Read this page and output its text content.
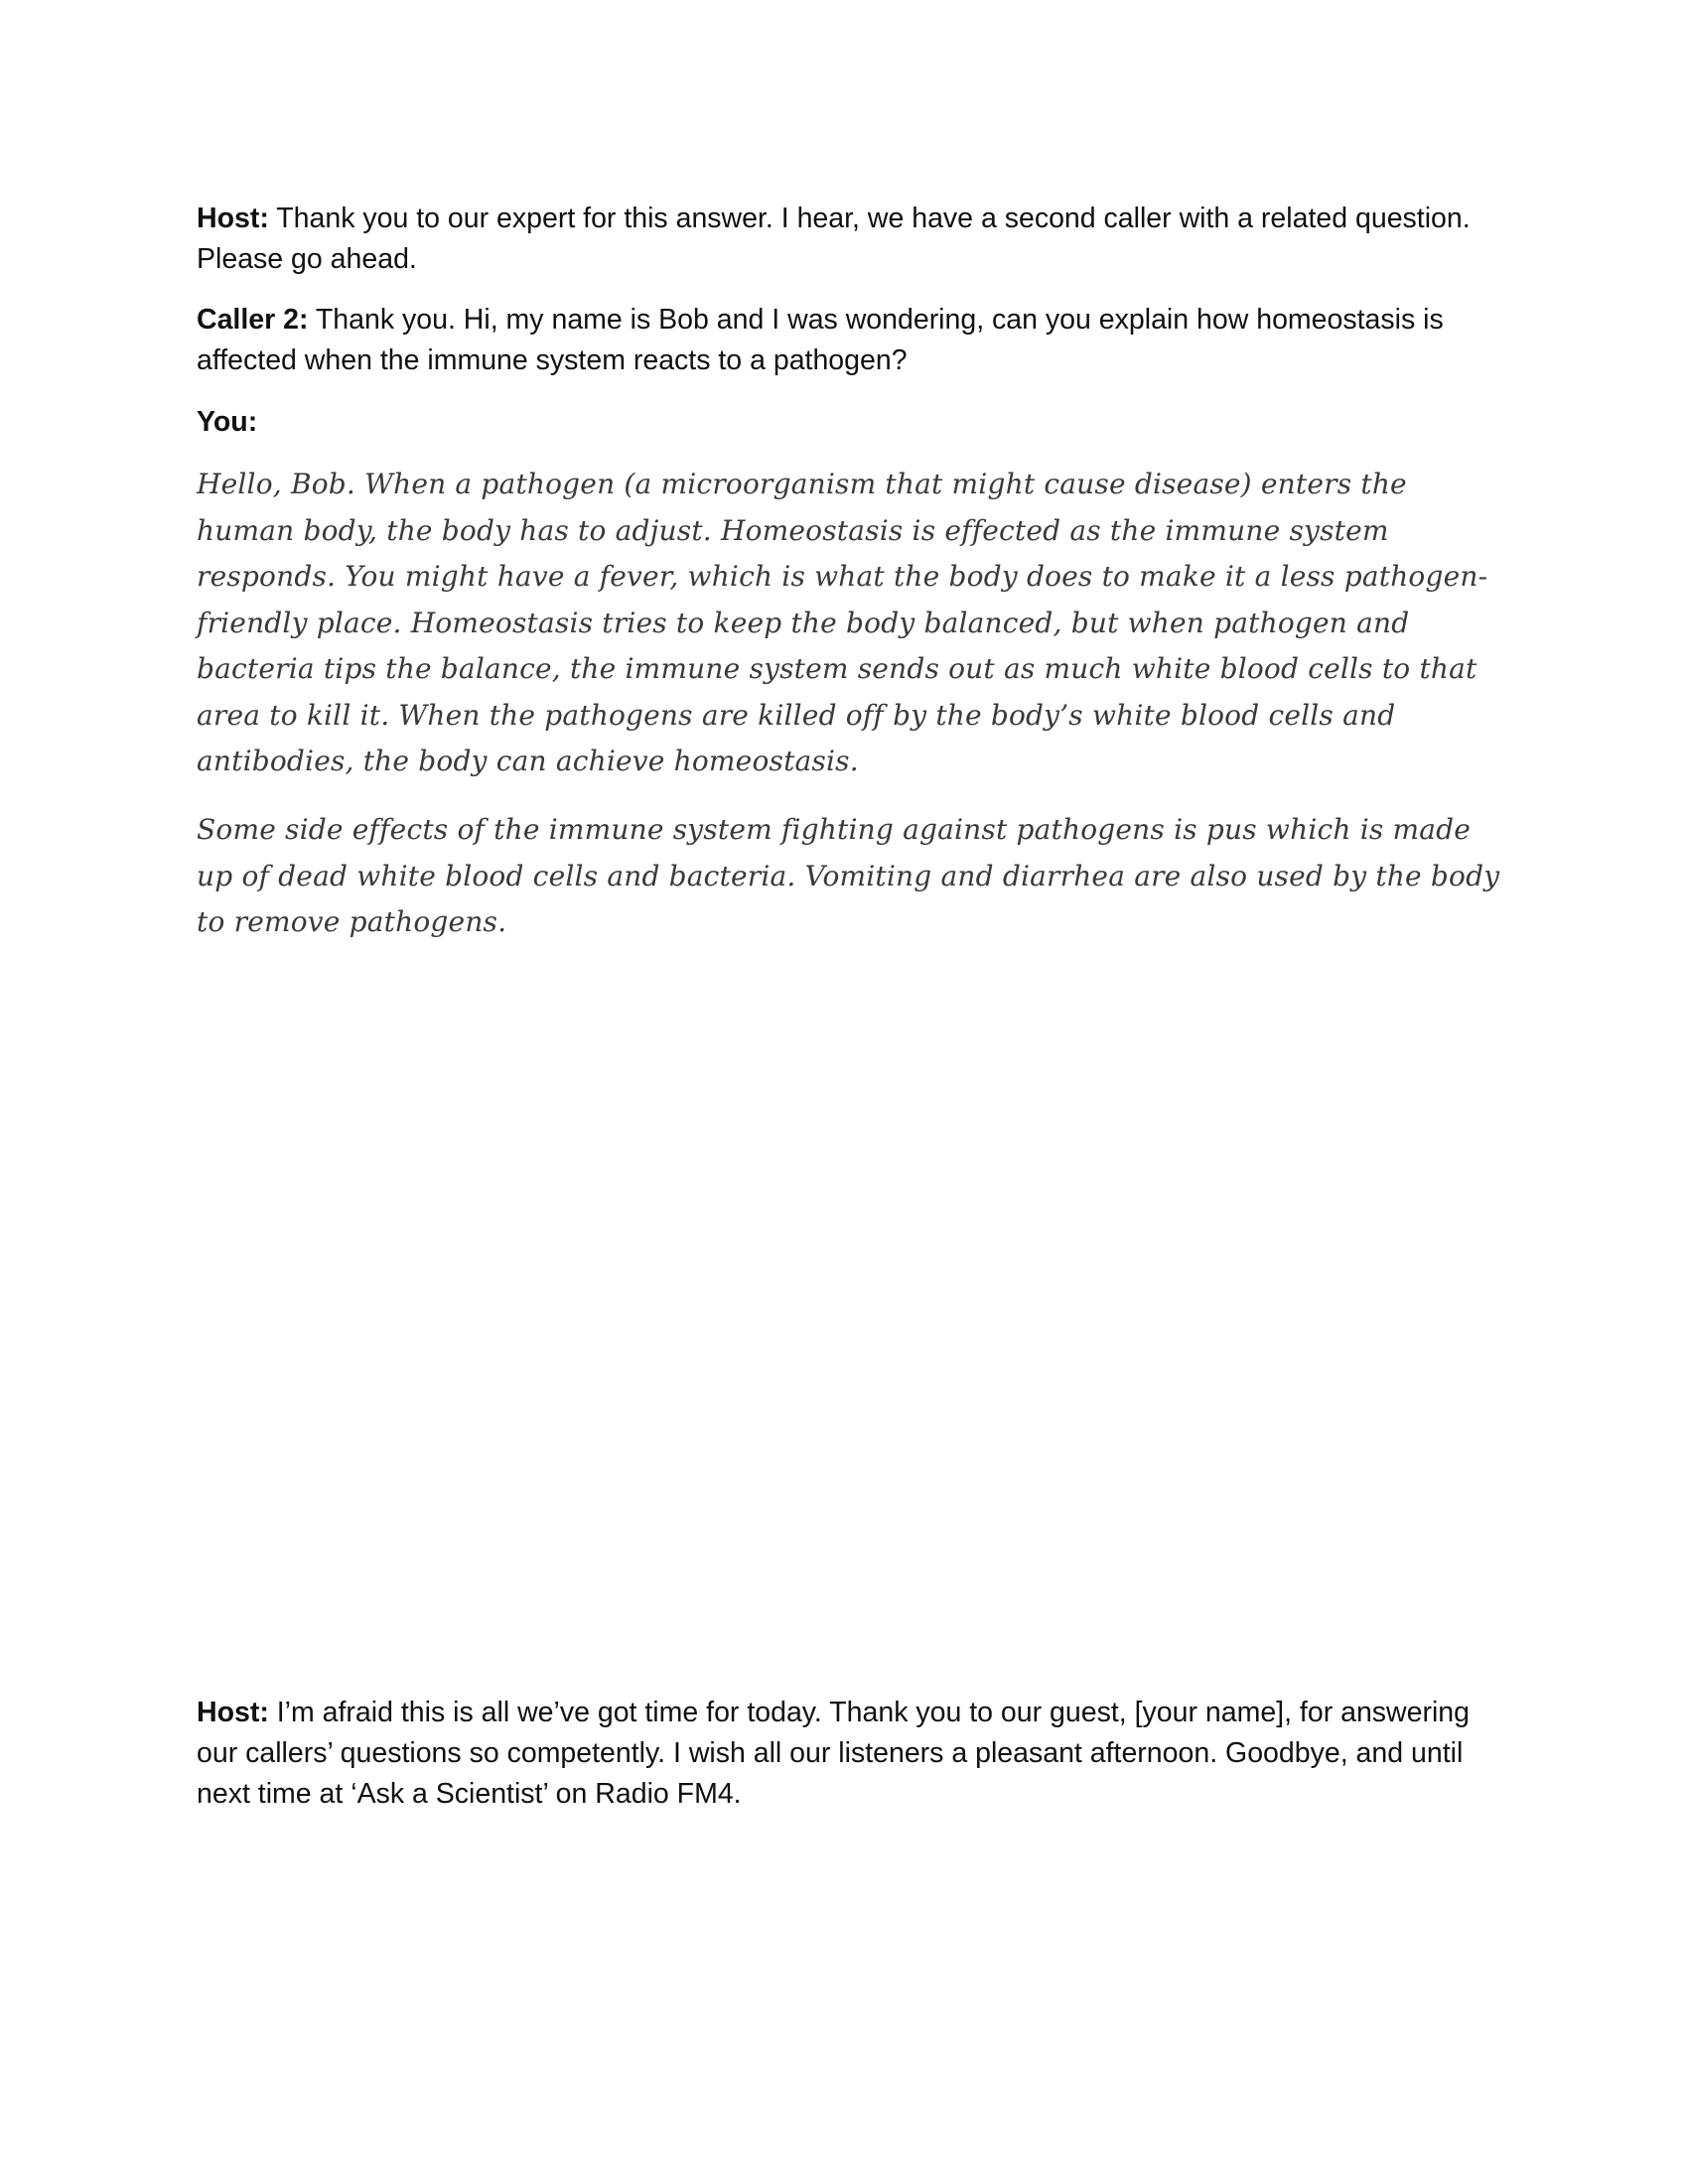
Host: Thank you to our expert for this answer. I hear, we have a second caller with a related question. Please go ahead.

Caller 2: Thank you. Hi, my name is Bob and I was wondering, can you explain how homeostasis is affected when the immune system reacts to a pathogen?

You:

Hello, Bob. When a pathogen (a microorganism that might cause disease) enters the human body, the body has to adjust. Homeostasis is effected as the immune system responds. You might have a fever, which is what the body does to make it a less pathogen-friendly place. Homeostasis tries to keep the body balanced, but when pathogen and bacteria tips the balance, the immune system sends out as much white blood cells to that area to kill it. When the pathogens are killed off by the body’s white blood cells and antibodies, the body can achieve homeostasis.

Some side effects of the immune system fighting against pathogens is pus which is made up of dead white blood cells and bacteria. Vomiting and diarrhea are also used by the body to remove pathogens.

Host: I’m afraid this is all we’ve got time for today. Thank you to our guest, [your name], for answering our callers’ questions so competently. I wish all our listeners a pleasant afternoon. Goodbye, and until next time at ‘Ask a Scientist’ on Radio FM4.
